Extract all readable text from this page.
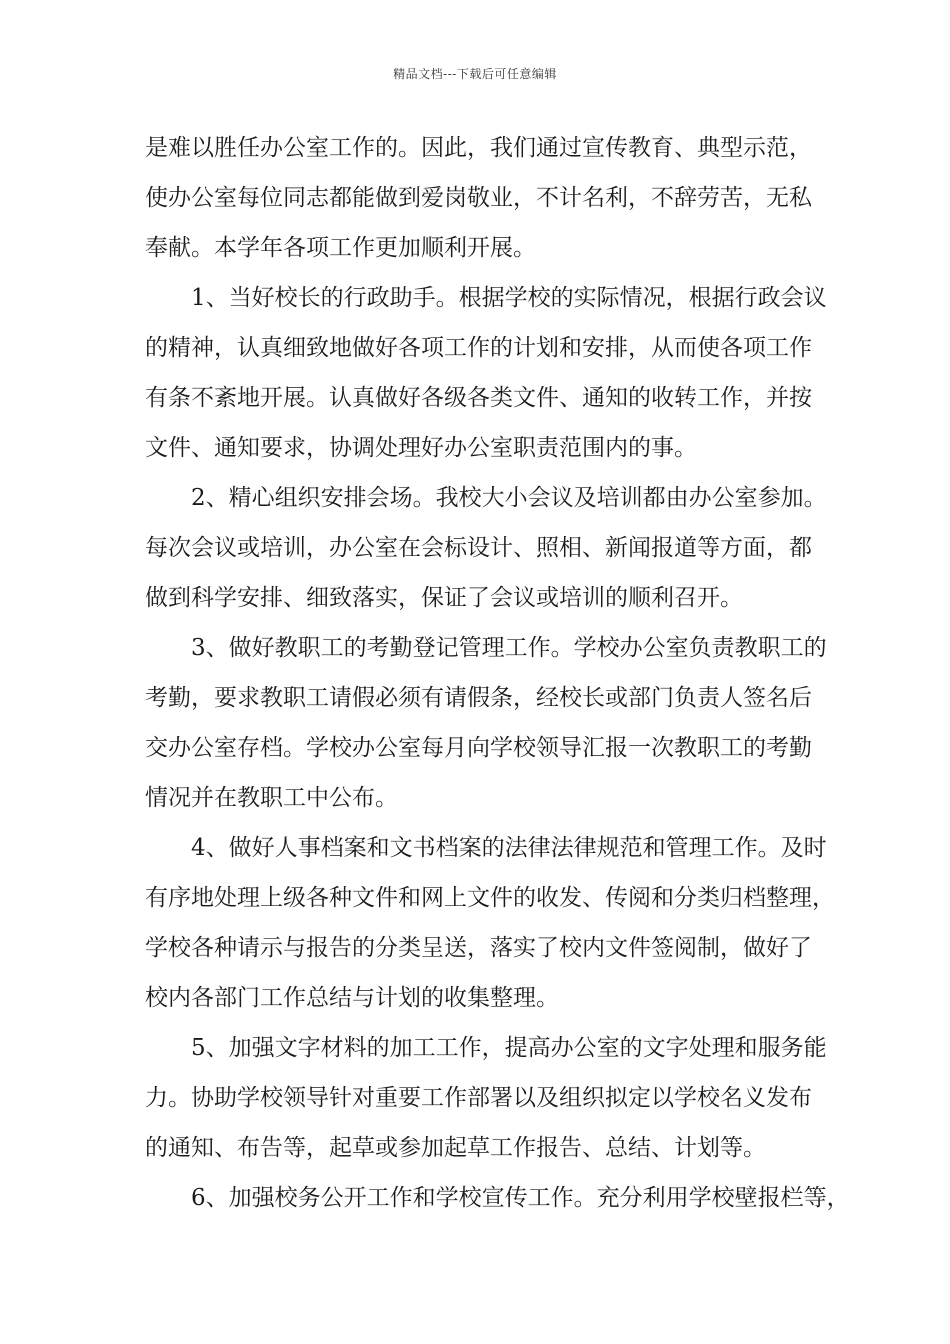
精品文档---下载后可任意编辑
是难以胜任办公室工作的。因此，我们通过宣传教育、典型示范，
使办公室每位同志都能做到爱岗敬业，不计名利，不辞劳苦，无私
奉献。本学年各项工作更加顺利开展。
1、当好校长的行政助手。根据学校的实际情况，根据行政会议
的精神，认真细致地做好各项工作的计划和安排，从而使各项工作
有条不紊地开展。认真做好各级各类文件、通知的收转工作，并按
文件、通知要求，协调处理好办公室职责范围内的事。
2、精心组织安排会场。我校大小会议及培训都由办公室参加。
每次会议或培训，办公室在会标设计、照相、新闻报道等方面，都
做到科学安排、细致落实，保证了会议或培训的顺利召开。
3、做好教职工的考勤登记管理工作。学校办公室负责教职工的
考勤，要求教职工请假必须有请假条，经校长或部门负责人签名后
交办公室存档。学校办公室每月向学校领导汇报一次教职工的考勤
情况并在教职工中公布。
4、做好人事档案和文书档案的法律法律规范和管理工作。及时
有序地处理上级各种文件和网上文件的收发、传阅和分类归档整理，
学校各种请示与报告的分类呈送，落实了校内文件签阅制，做好了
校内各部门工作总结与计划的收集整理。
5、加强文字材料的加工工作，提高办公室的文字处理和服务能
力。协助学校领导针对重要工作部署以及组织拟定以学校名义发布
的通知、布告等，起草或参加起草工作报告、总结、计划等。
6、加强校务公开工作和学校宣传工作。充分利用学校壁报栏等，
